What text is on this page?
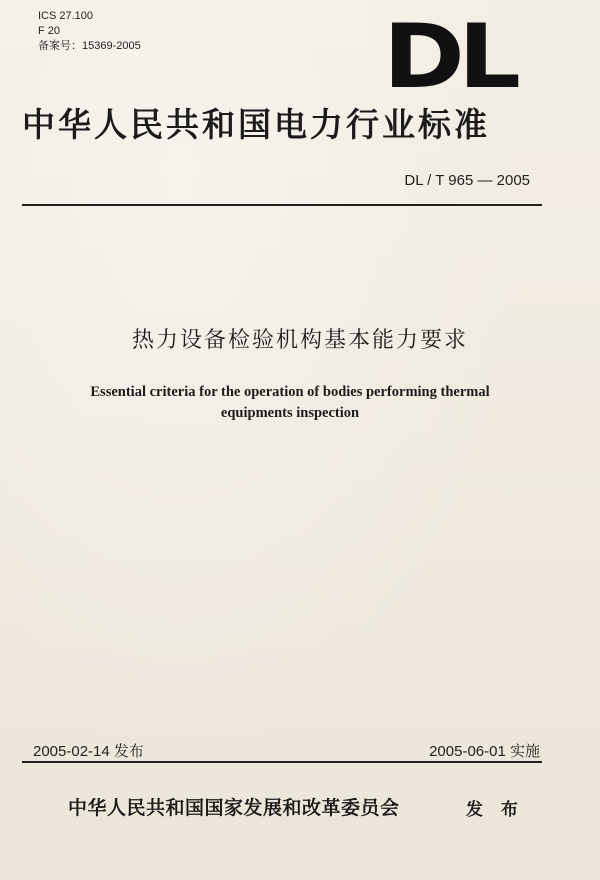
ICS 27.100
F 20
备案号：15369-2005	DL
中华人民共和国电力行业标准
DL / T 965 — 2005
热力设备检验机构基本能力要求
Essential criteria for the operation of bodies performing thermal
equipments inspection
2005-02-14 发布	2005-06-01 实施
中华人民共和国国家发展和改革委员会	发 布
